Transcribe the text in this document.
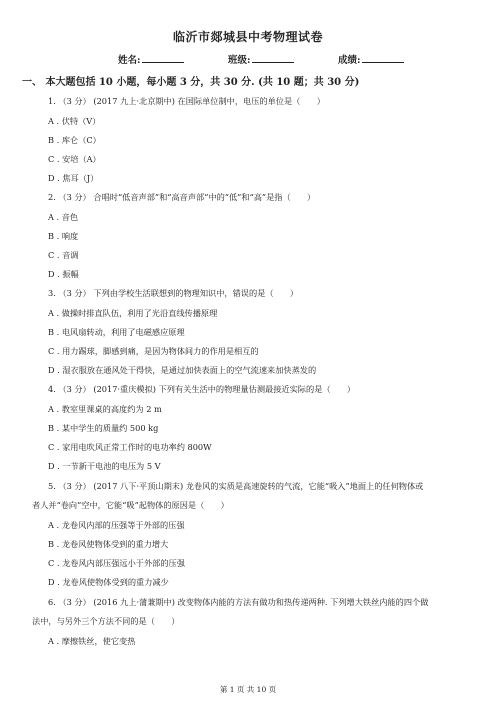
临沂市郯城县中考物理试卷
姓名:	班级:	成绩:
一、 本大题包括 10 小题，每小题 3 分，共 30 分. (共 10 题；共 30 分)
1. （3 分） (2017 九上·北京期中) 在国际单位制中，电压的单位是（　　）
A . 伏特（V）
B . 库仑（C）
C . 安培（A）
D . 焦耳（J）
2. （3 分） 合唱时“低音声部”和“高音声部”中的“低”和“高”是指（　　）
A . 音色
B . 响度
C . 音调
D . 振幅
3. （3 分） 下列由学校生活联想到的物理知识中，错误的是（　　）
A . 做操时排直队伍，利用了光沿直线传播原理
B . 电风扇转动，利用了电磁感应原理
C . 用力踢球，脚感到痛，是因为物体间力的作用是相互的
D . 湿衣服放在通风处干得快，是通过加快表面上的空气流速来加快蒸发的
4. （3 分） (2017·重庆模拟) 下列有关生活中的物理量估测最接近实际的是（　　）
A . 教室里课桌的高度约为 2 m
B . 某中学生的质量约 500 kg
C . 家用电吹风正常工作时的电功率约 800W
D . 一节新干电池的电压为 5 V
5. （3 分） (2017 八下·平顶山期末) 龙卷风的实质是高速旋转的气流，它能“吸入”地面上的任何物体或
者人并“卷向”空中，它能“吸”起物体的原因是（　　）
A . 龙卷风内部的压强等于外部的压强
B . 龙卷风使物体受到的重力增大
C . 龙卷风内部压强远小于外部的压强
D . 龙卷风使物体受到的重力减少
6. （3 分） (2016 九上·蒲兼期中) 改变物体内能的方法有做功和热传递两种. 下列增大铁丝内能的四个做
法中，与另外三个方法不同的是（　　）
A . 摩擦铁丝，使它变热
第 1 页 共 10 页
